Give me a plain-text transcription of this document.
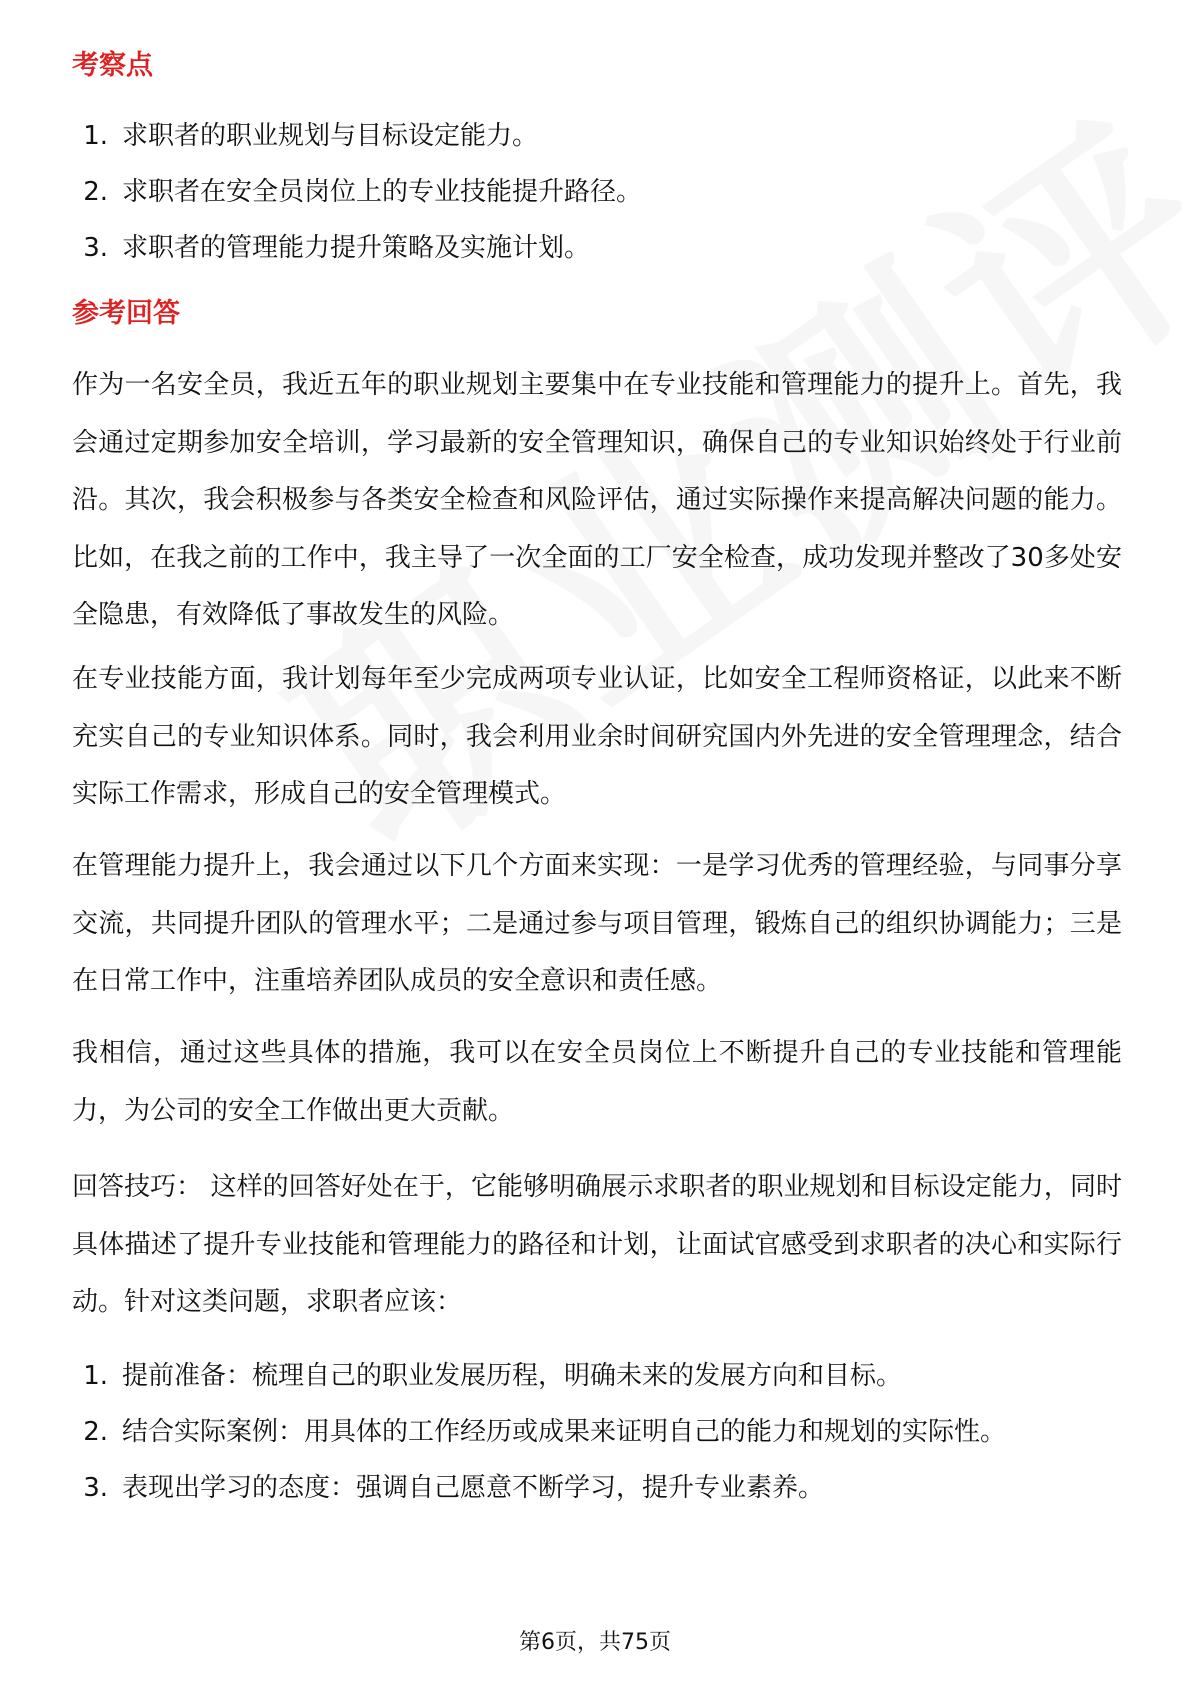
考察点
1. 求职者的职业规划与目标设定能力。
2. 求职者在安全员岗位上的专业技能提升路径。
3. 求职者的管理能力提升策略及实施计划。
参考回答

作为一名安全员，我近五年的职业规划主要集中在专业技能和管理能力的提升上。首先，我会通过定期参加安全培训，学习最新的安全管理知识，确保自己的专业知识始终处于行业前沿。其次，我会积极参与各类安全检查和风险评估，通过实际操作来提高解决问题的能力。比如，在我之前的工作中，我主导了一次全面的工厂安全检查，成功发现并整改了30多处安全隐患，有效降低了事故发生的风险。

在专业技能方面，我计划每年至少完成两项专业认证，比如安全工程师资格证，以此来不断充实自己的专业知识体系。同时，我会利用业余时间研究国内外先进的安全管理理念，结合实际工作需求，形成自己的安全管理模式。

在管理能力提升上，我会通过以下几个方面来实现：一是学习优秀的管理经验，与同事分享交流，共同提升团队的管理水平；二是通过参与项目管理，锻炼自己的组织协调能力；三是在日常工作中，注重培养团队成员的安全意识和责任感。

我相信，通过这些具体的措施，我可以在安全员岗位上不断提升自己的专业技能和管理能力，为公司的安全工作做出更大贡献。

回答技巧： 这样的回答好处在于，它能够明确展示求职者的职业规划和目标设定能力，同时具体描述了提升专业技能和管理能力的路径和计划，让面试官感受到求职者的决心和实际行动。针对这类问题，求职者应该：

1. 提前准备：梳理自己的职业发展历程，明确未来的发展方向和目标。
2. 结合实际案例：用具体的工作经历或成果来证明自己的能力和规划的实际性。
3. 表现出学习的态度：强调自己愿意不断学习，提升专业素养。
第6页，共75页
